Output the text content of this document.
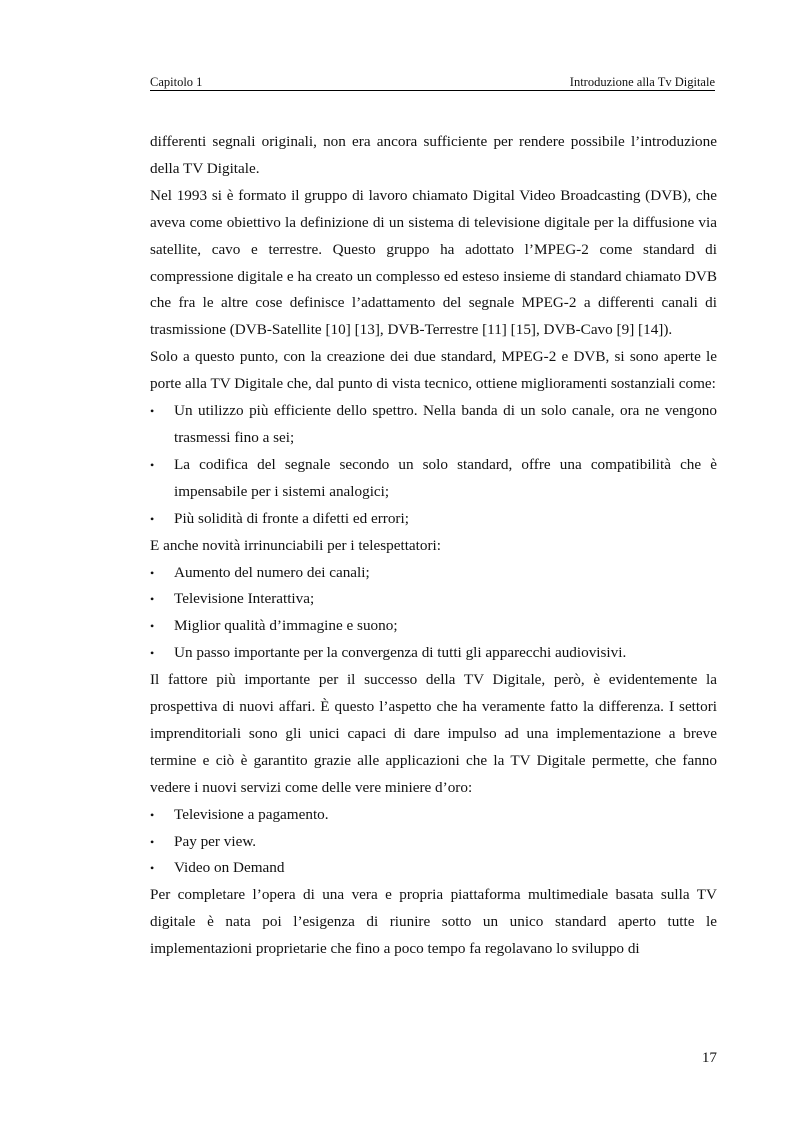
Capitolo 1	Introduzione alla Tv Digitale
differenti segnali originali, non era ancora sufficiente per rendere possibile l’introduzione della TV Digitale.
Nel 1993 si è formato il gruppo di lavoro chiamato Digital Video Broadcasting (DVB), che aveva come obiettivo la definizione di un sistema di televisione digitale per la diffusione via satellite, cavo e terrestre. Questo gruppo ha adottato l’MPEG-2 come standard di compressione digitale e ha creato un complesso ed esteso insieme di standard chiamato DVB che fra le altre cose definisce l’adattamento del segnale MPEG-2 a differenti canali di trasmissione (DVB-Satellite [10] [13], DVB-Terrestre [11] [15], DVB-Cavo [9] [14]).
Solo a questo punto, con la creazione dei due standard, MPEG-2 e DVB, si sono aperte le porte alla TV Digitale che, dal punto di vista tecnico, ottiene miglioramenti sostanziali come:
•	Un utilizzo più efficiente dello spettro. Nella banda di un solo canale, ora ne vengono trasmessi fino a sei;
•	La codifica del segnale secondo un solo standard, offre una compatibilità che è impensabile per i sistemi analogici;
•	Più solidità di fronte a difetti ed errori;
E anche novità irrinunciabili per i telespettatori:
•	Aumento del numero dei canali;
•	Televisione Interattiva;
•	Miglior qualità d’immagine e suono;
•	Un passo importante per la convergenza di tutti gli apparecchi audiovisivi.
Il fattore più importante per il successo della TV Digitale, però, è evidentemente la prospettiva di nuovi affari. È questo l’aspetto che ha veramente fatto la differenza. I settori imprenditoriali sono gli unici capaci di dare impulso ad una implementazione a breve termine e ciò è garantito grazie alle applicazioni che la TV Digitale permette, che fanno vedere i nuovi servizi come delle vere miniere d’oro:
•	Televisione a pagamento.
•	Pay per view.
•	Video on Demand
Per completare l’opera di una vera e propria piattaforma multimediale basata sulla TV digitale è nata poi l’esigenza di riunire sotto un unico standard aperto tutte le implementazioni proprietarie che fino a poco tempo fa regolavano lo sviluppo di
17
